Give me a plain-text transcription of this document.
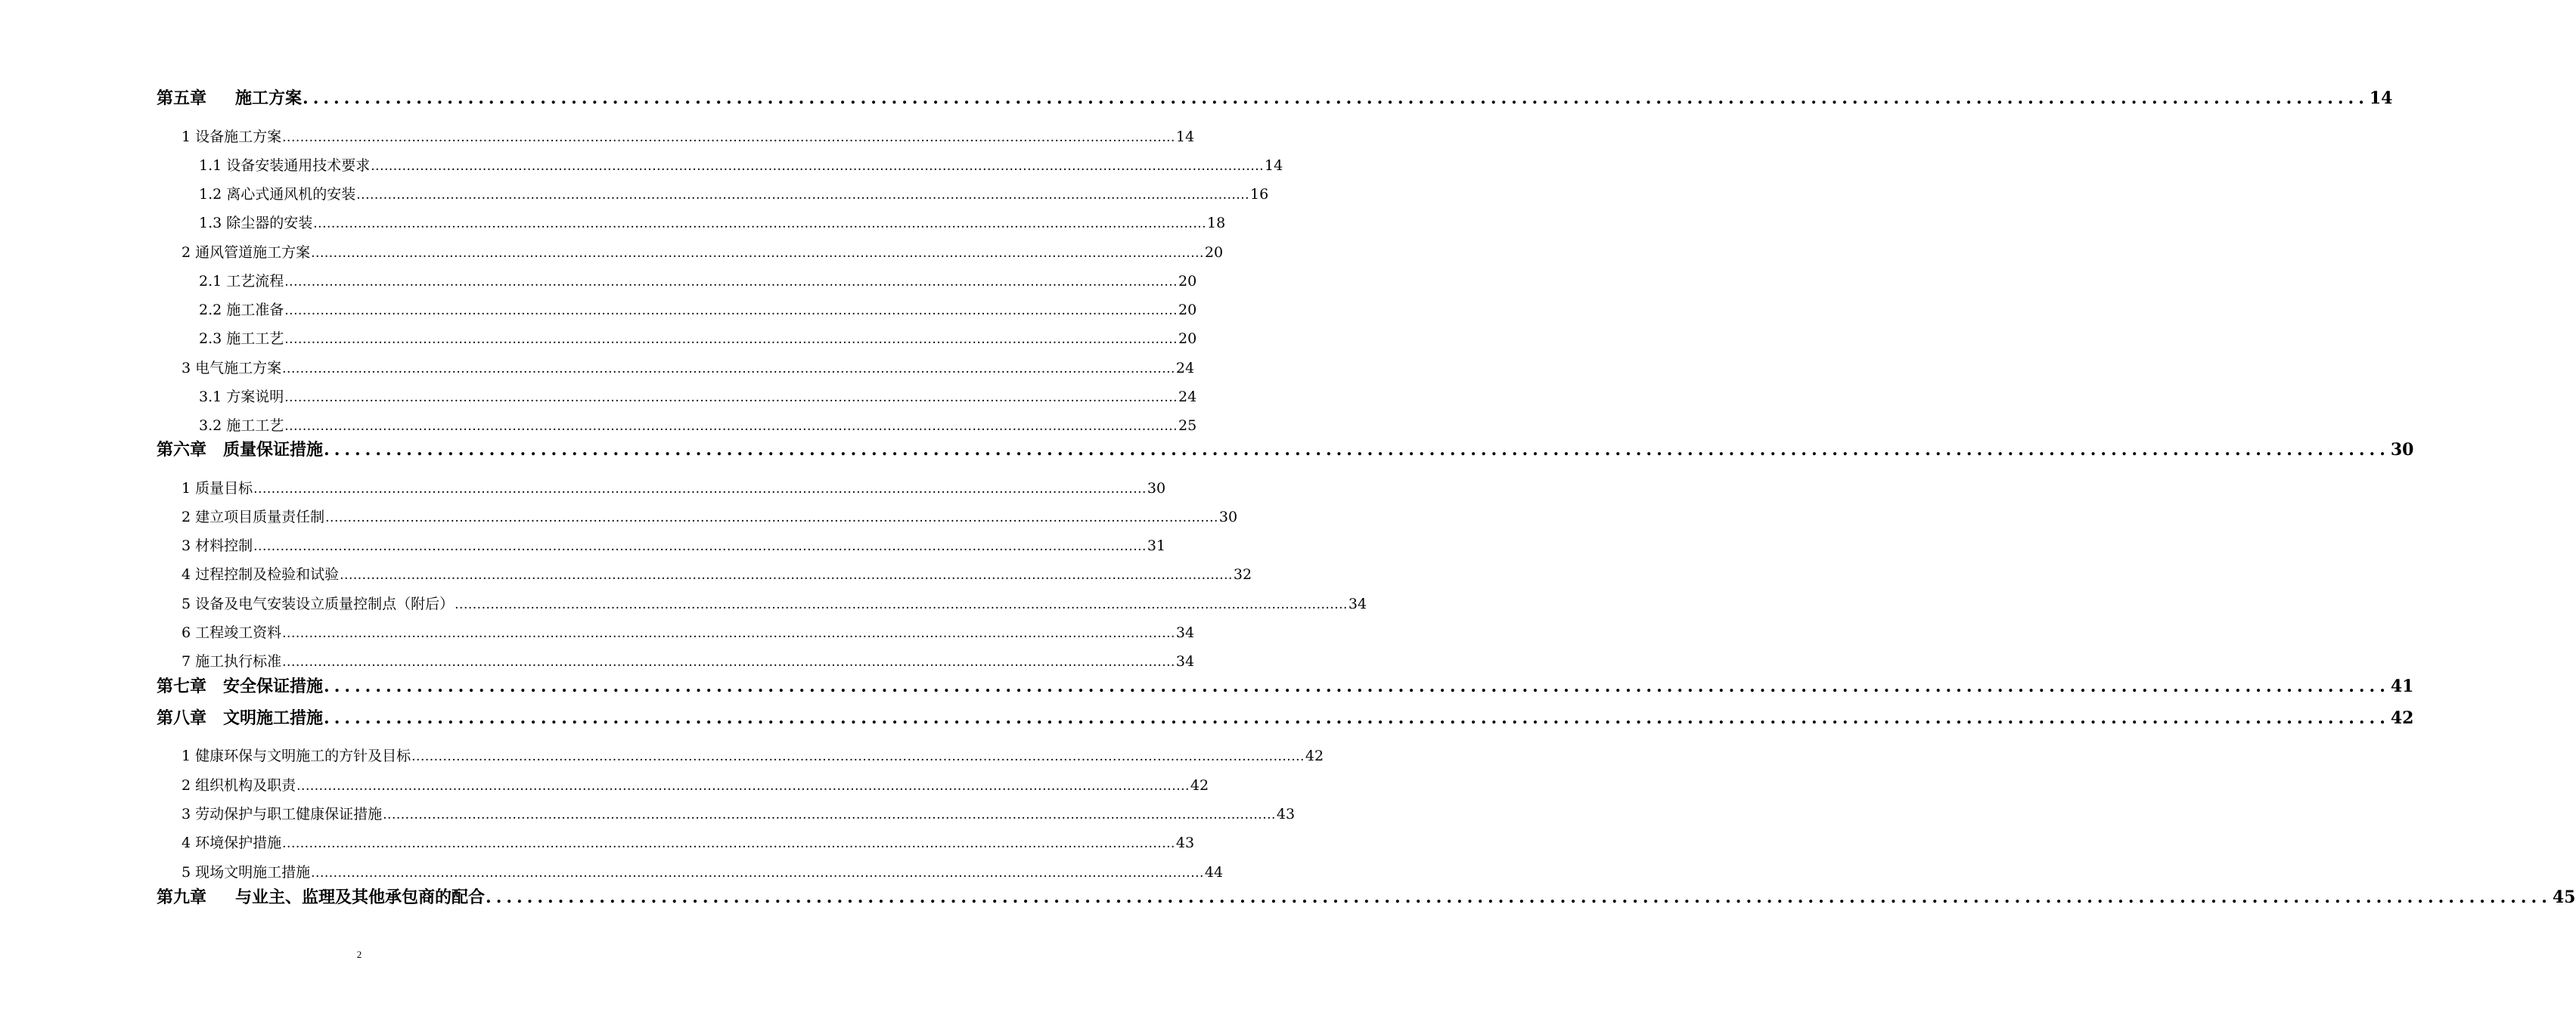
第五章 施工方案 ........................................................................................................................................................................................................ 14
1 设备施工方案 ........................................................................................................................................................................................................ 14
1.1 设备安装通用技术要求 ........................................................................................................................................................................................................ 14
1.2 离心式通风机的安装 ........................................................................................................................................................................................................ 16
1.3 除尘器的安装 ........................................................................................................................................................................................................ 18
2 通风管道施工方案 ........................................................................................................................................................................................................ 20
2.1 工艺流程 ........................................................................................................................................................................................................ 20
2.2 施工准备 ........................................................................................................................................................................................................ 20
2.3 施工工艺 ........................................................................................................................................................................................................ 20
3 电气施工方案 ........................................................................................................................................................................................................ 24
3.1 方案说明 ........................................................................................................................................................................................................ 24
3.2 施工工艺 ........................................................................................................................................................................................................ 25
第六章 质量保证措施 ........................................................................................................................................................................................................ 30
1 质量目标 ........................................................................................................................................................................................................ 30
2 建立项目质量责任制 ........................................................................................................................................................................................................ 30
3 材料控制 ........................................................................................................................................................................................................ 31
4 过程控制及检验和试验 ........................................................................................................................................................................................................ 32
5 设备及电气安装设立质量控制点（附后） ........................................................................................................................................................................................................ 34
6 工程竣工资料 ........................................................................................................................................................................................................ 34
7 施工执行标准 ........................................................................................................................................................................................................ 34
第七章 安全保证措施 ........................................................................................................................................................................................................ 41
第八章 文明施工措施 ........................................................................................................................................................................................................ 42
1 健康环保与文明施工的方针及目标 ........................................................................................................................................................................................................ 42
2 组织机构及职责 ........................................................................................................................................................................................................ 42
3 劳动保护与职工健康保证措施 ........................................................................................................................................................................................................ 43
4 环境保护措施 ........................................................................................................................................................................................................ 43
5 现场文明施工措施 ........................................................................................................................................................................................................ 44
第九章 与业主、监理及其他承包商的配合 ........................................................................................................................................................................................................ 45
2
